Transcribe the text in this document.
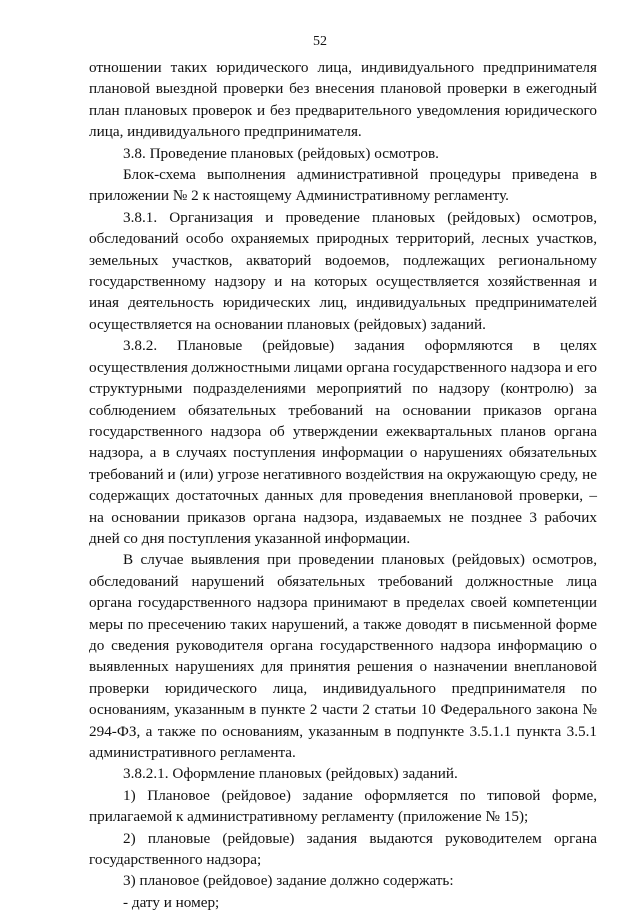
52

отношении таких юридического лица, индивидуального предпринимателя плановой выездной проверки без внесения плановой проверки в ежегодный план плановых проверок и без предварительного уведомления юридического лица, индивидуального предпринимателя.

3.8. Проведение плановых (рейдовых) осмотров.

Блок-схема выполнения административной процедуры приведена в приложении № 2 к настоящему Административному регламенту.

3.8.1. Организация и проведение плановых (рейдовых) осмотров, обследований особо охраняемых природных территорий, лесных участков, земельных участков, акваторий водоемов, подлежащих региональному государственному надзору и на которых осуществляется хозяйственная и иная деятельность юридических лиц, индивидуальных предпринимателей осуществляется на основании плановых (рейдовых) заданий.

3.8.2. Плановые (рейдовые) задания оформляются в целях осуществления должностными лицами органа государственного надзора и его структурными подразделениями мероприятий по надзору (контролю) за соблюдением обязательных требований на основании приказов органа государственного надзора об утверждении ежеквартальных планов органа надзора, а в случаях поступления информации о нарушениях обязательных требований и (или) угрозе негативного воздействия на окружающую среду, не содержащих достаточных данных для проведения внеплановой проверки, – на основании приказов органа надзора, издаваемых не позднее 3 рабочих дней со дня поступления указанной информации.

В случае выявления при проведении плановых (рейдовых) осмотров, обследований нарушений обязательных требований должностные лица органа государственного надзора принимают в пределах своей компетенции меры по пресечению таких нарушений, а также доводят в письменной форме до сведения руководителя органа государственного надзора информацию о выявленных нарушениях для принятия решения о назначении внеплановой проверки юридического лица, индивидуального предпринимателя по основаниям, указанным в пункте 2 части 2 статьи 10 Федерального закона № 294-ФЗ, а также по основаниям, указанным в подпункте 3.5.1.1 пункта 3.5.1 административного регламента.

3.8.2.1. Оформление плановых (рейдовых) заданий.

1) Плановое (рейдовое) задание оформляется по типовой форме, прилагаемой к административному регламенту (приложение № 15);

2) плановые (рейдовые) задания выдаются руководителем органа государственного надзора;

3) плановое (рейдовое) задание должно содержать:

- дату и номер;
